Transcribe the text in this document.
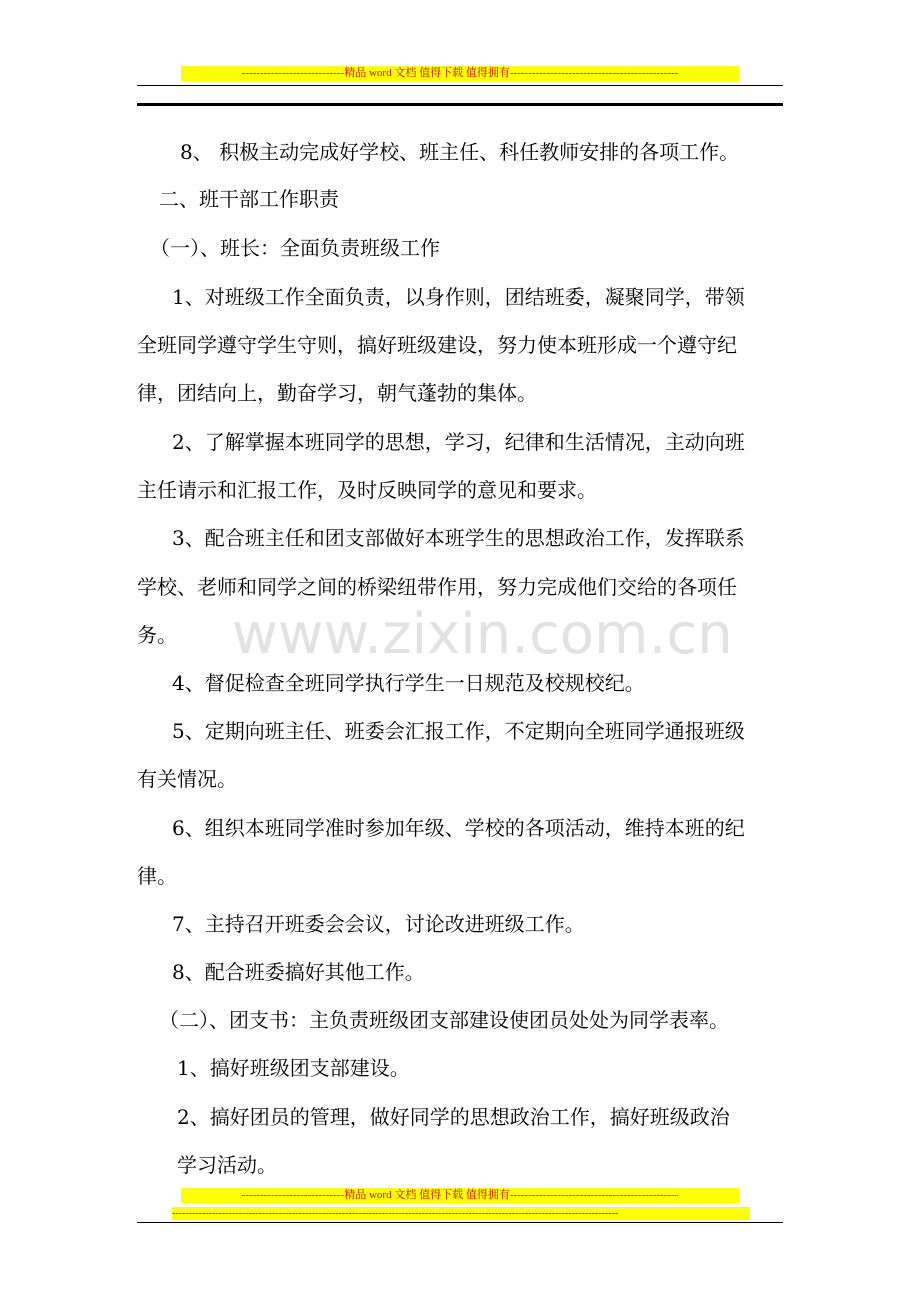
----------------------------精品 word 文档 值得下载 值得拥有----------------------------------------------
8、 积极主动完成好学校、班主任、科任教师安排的各项工作。
二、班干部工作职责
（一）、班长：全面负责班级工作
1、对班级工作全面负责，以身作则，团结班委，凝聚同学，带领
全班同学遵守学生守则，搞好班级建设，努力使本班形成一个遵守纪
律，团结向上，勤奋学习，朝气蓬勃的集体。
2、了解掌握本班同学的思想，学习，纪律和生活情况，主动向班
主任请示和汇报工作，及时反映同学的意见和要求。
3、配合班主任和团支部做好本班学生的思想政治工作，发挥联系
学校、老师和同学之间的桥梁纽带作用，努力完成他们交给的各项任
务。
4、督促检查全班同学执行学生一日规范及校规校纪。
5、定期向班主任、班委会汇报工作，不定期向全班同学通报班级
有关情况。
6、组织本班同学准时参加年级、学校的各项活动，维持本班的纪
律。
7、主持召开班委会会议，讨论改进班级工作。
8、配合班委搞好其他工作。
（二）、团支书：主负责班级团支部建设使团员处处为同学表率。
1、搞好班级团支部建设。
2、搞好团员的管理，做好同学的思想政治工作，搞好班级政治
学习活动。
www.zixin.com.cn
----------------------------精品 word 文档 值得下载 值得拥有----------------------------------------------
--------------------------------------------------------------------------------------------------------------------------------------
